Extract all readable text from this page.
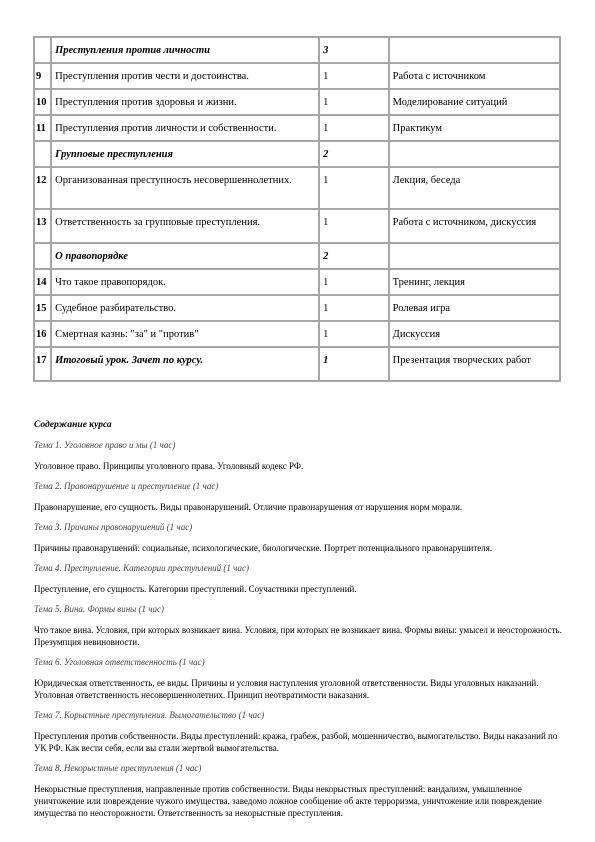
	Преступления против личности	3	
9	Преступления против чести и достоинства.	1	Работа с источником
10	Преступления против здоровья и жизни.	1	Моделирование ситуаций
11	Преступления против личности и собственности.	1	Практикум
	Групповые преступления	2	
12	Организованная преступность несовершеннолетних.	1	Лекция, беседа
13	Ответственность за групповые преступления.	1	Работа с источником, дискуссия
	О правопорядке	2	
14	Что такое правопорядок.	1	Тренинг, лекция
15	Судебное разбирательство.	1	Ролевая игра
16	Смертная казнь: "за" и "против"	1	Дискуссия
17	Итоговый урок. Зачет по курсу.	1	Презентация творческих работ
Содержание курса
Тема 1. Уголовное право и мы (1 час)
Уголовное право. Принципы уголовного права. Уголовный кодекс РФ.
Тема 2. Правонарушение и преступление (1 час)
Правонарушение, его сущность. Виды правонарушений. Отличие правонарушения от нарушения норм морали.
Тема 3. Причины правонарушений (1 час)
Причины правонарушений: социальные, психологические, биологические. Портрет потенциального правонарушителя.
Тема 4. Преступление. Категории преступлений (1 час)
Преступление, его сущность. Категории преступлений. Соучастники преступлений.
Тема 5. Вина. Формы вины (1 час)
Что такое вина. Условия, при которых возникает вина. Условия, при которых не возникает вина. Формы вины: умысел и неосторожность. Презумпция невиновности.
Тема 6. Уголовная ответственность (1 час)
Юридическая ответственность, ее виды. Причины и условия наступления уголовной ответственности. Виды уголовных наказаний. Уголовная ответственность несовершеннолетних. Принцип неотвратимости наказания.
Тема 7. Корыстные преступления. Вымогательство (1 час)
Преступления против собственности. Виды преступлений: кража, грабеж, разбой, мошенничество, вымогательство. Виды наказаний по УК РФ. Как вести себя, если вы стали жертвой вымогательства.
Тема 8. Некорыстные преступления (1 час)
Некорыстные преступления, направленные против собственности. Виды некорыстных преступлений: вандализм, умышленное уничтожение или повреждение чужого имущества, заведомо ложное сообщение об акте терроризма, уничтожение или повреждение имущества по неосторожности. Ответственность за некорыстные преступления.
